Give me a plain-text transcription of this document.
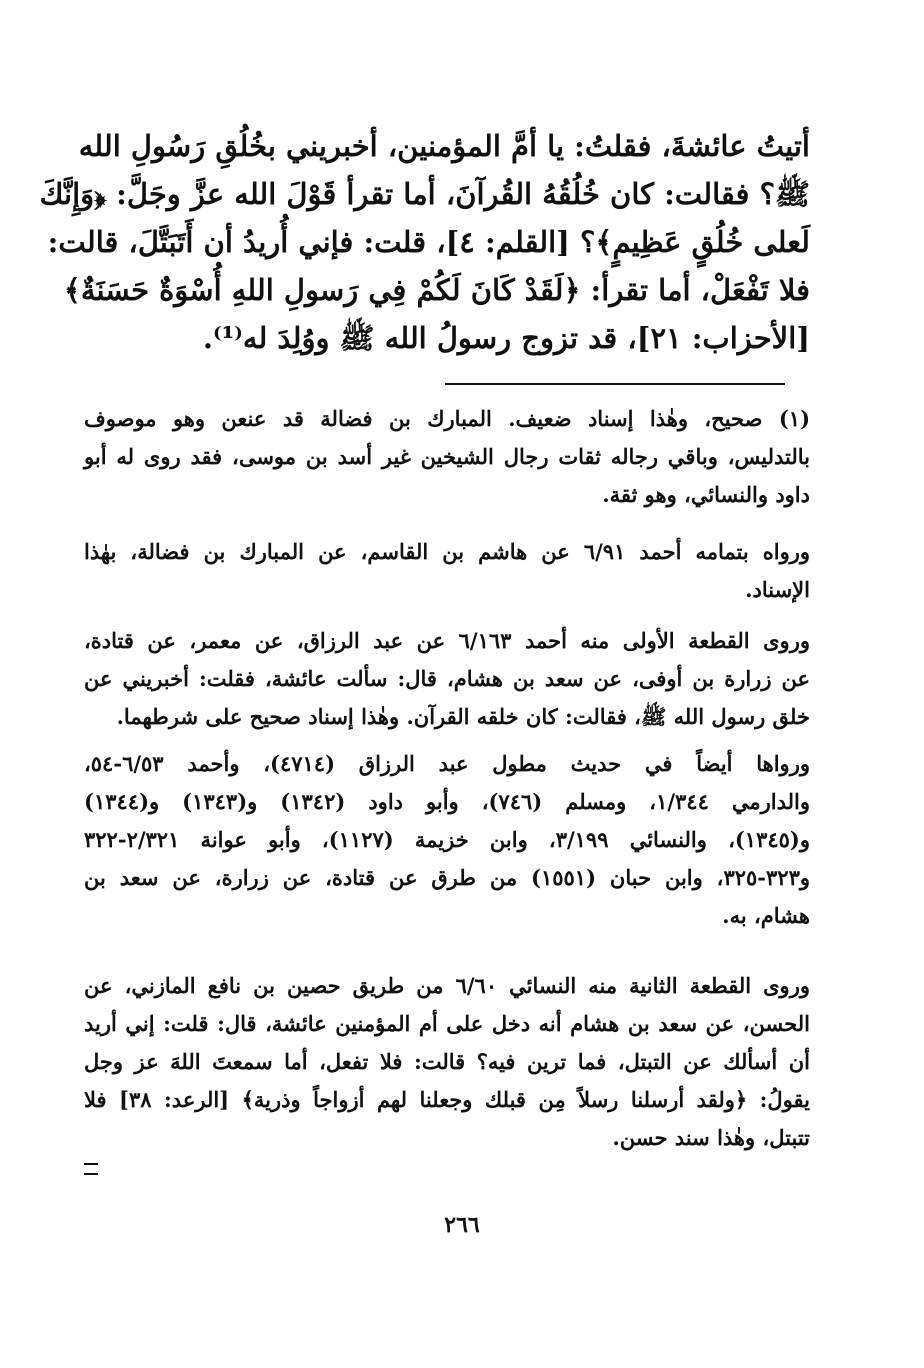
أتيتُ عائشةَ، فقلتُ: يا أمَّ المؤمنين، أخبريني بخُلُقِ رَسُولِ الله
ﷺ؟ فقالت: كان خُلُقُهُ القُرآنَ، أما تقرأ قَوْلَ الله عزَّ وجَلَّ: ﴿وَإِنَّكَ
لَعلى خُلُقٍ عَظِيمٍ﴾؟ [القلم: ٤]، قلت: فإني أُريدُ أن أَتَبَتَّلَ، قالت:
فلا تَفْعَلْ، أما تقرأ: ﴿لَقَدْ كَانَ لَكُمْ فِي رَسولِ اللهِ أُسْوَةٌ حَسَنَةٌ﴾
[الأحزاب: ٢١]، قد تزوج رسولُ الله ﷺ ووُلِدَ له⁽¹⁾.
(١) صحيح، وهٰذا إسناد ضعيف. المبارك بن فضالة قد عنعن وهو موصوف
بالتدليس، وباقي رجاله ثقات رجال الشيخين غير أسد بن موسى، فقد روى له أبو
داود والنسائي، وهو ثقة.
ورواه بتمامه أحمد ٦/٩١ عن هاشم بن القاسم، عن المبارك بن فضالة، بهٰذا
الإسناد.
وروى القطعة الأولى منه أحمد ٦/١٦٣ عن عبد الرزاق، عن معمر، عن قتادة،
عن زرارة بن أوفى، عن سعد بن هشام، قال: سألت عائشة، فقلت: أخبريني عن
خلق رسول الله ﷺ، فقالت: كان خلقه القرآن. وهٰذا إسناد صحيح على شرطهما.
ورواها أيضاً في حديث مطول عبد الرزاق (٤٧١٤)، وأحمد ٦/٥٣-٥٤،
والدارمي ١/٣٤٤، ومسلم (٧٤٦)، وأبو داود (١٣٤٢) و(١٣٤٣) و(١٣٤٤)
و(١٣٤٥)، والنسائي ٣/١٩٩، وابن خزيمة (١١٢٧)، وأبو عوانة ٢/٣٢١-٣٢٢
و٣٢٣-٣٢٥، وابن حبان (١٥٥١) من طرق عن قتادة، عن زرارة، عن سعد بن
هشام، به.
وروى القطعة الثانية منه النسائي ٦/٦٠ من طريق حصين بن نافع المازني، عن
الحسن، عن سعد بن هشام أنه دخل على أم المؤمنين عائشة، قال: قلت: إني أريد
أن أسألك عن التبتل، فما ترين فيه؟ قالت: فلا تفعل، أما سمعتَ اللهَ عز وجل
يقولُ: ﴿ولقد أرسلنا رسلاً مِن قبلك وجعلنا لهم أزواجاً وذرية﴾ [الرعد: ٣٨] فلا
تتبتل، وهٰذا سند حسن.
٢٦٦
